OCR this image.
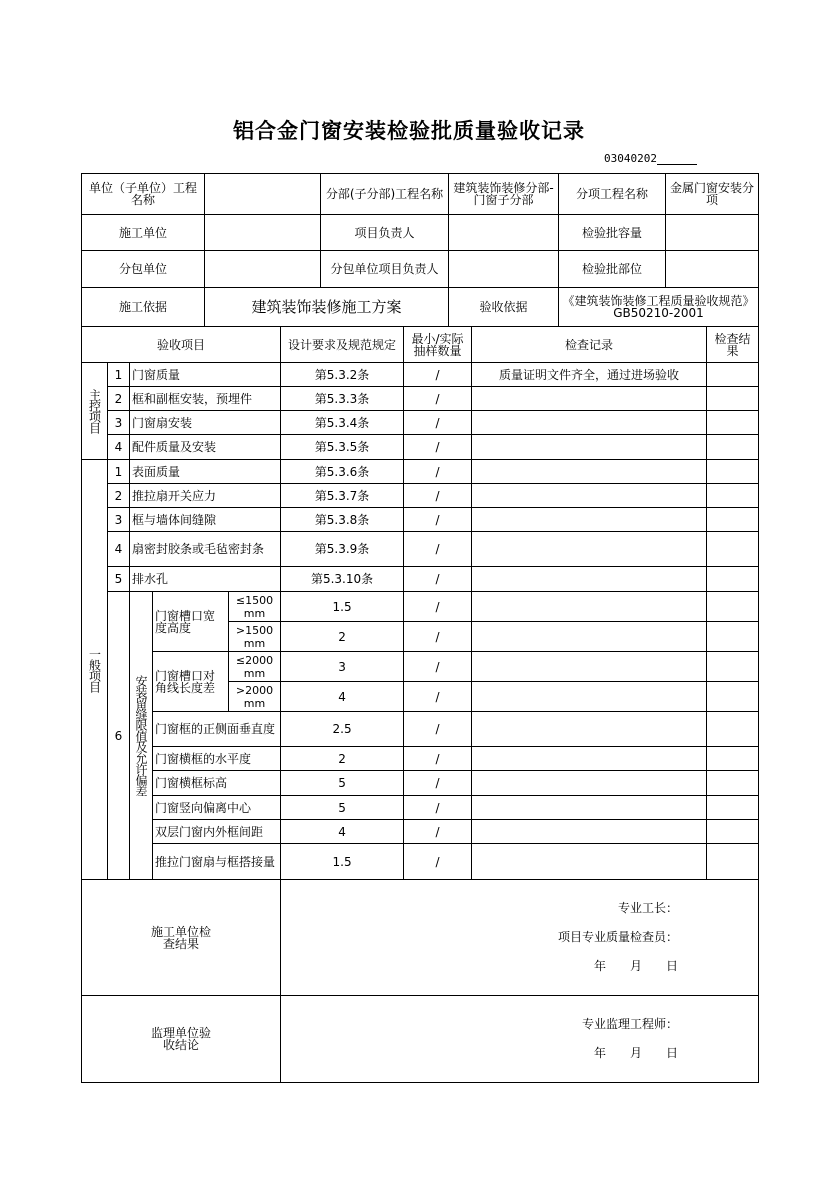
铝合金门窗安装检验批质量验收记录
03040202
单位（子单位）工程名称		分部(子分部)工程名称	建筑装饰装修分部-门窗子分部	分项工程名称	金属门窗安装分项
施工单位		项目负责人		检验批容量	
分包单位		分包单位项目负责人		检验批部位	
施工依据	建筑装饰装修施工方案		验收依据	《建筑装饰装修工程质量验收规范》GB50210-2001	
验收项目					设计要求及规范规定	最小/实际抽样数量	检查记录	检查结果

主控项目	1	门窗质量			第5.3.2条	/	质量证明文件齐全，通过进场验收	
	2	框和副框安装，预埋件			第5.3.3条	/		
	3	门窗扇安装			第5.3.4条	/		
	4	配件质量及安装			第5.3.5条	/		

一般项目	1	表面质量			第5.3.6条	/		
	2	推拉扇开关应力			第5.3.7条	/		
	3	框与墙体间缝隙			第5.3.8条	/		
	4	扇密封胶条或毛毡密封条			第5.3.9条	/		
	5	排水孔			第5.3.10条	/		
	6	安装留缝限值及允许偏差	门窗槽口宽度高度	≤1500 mm	1.5	/		
				>1500 mm	2	/		
			门窗槽口对角线长度差	≤2000 mm	3	/		
				>2000 mm	4	/		
			门窗框的正侧面垂直度		2.5	/		
			门窗横框的水平度		2	/		
			门窗横框标高		5	/		
			门窗竖向偏离中心		5	/		
			双层门窗内外框间距		4	/		
			推拉门窗扇与框搭接量		1.5	/		

施工单位检查结果					专业工长：
项目专业质量检查员：
年　　月　　日			

监理单位验收结论					专业监理工程师：
年　　月　　日			
